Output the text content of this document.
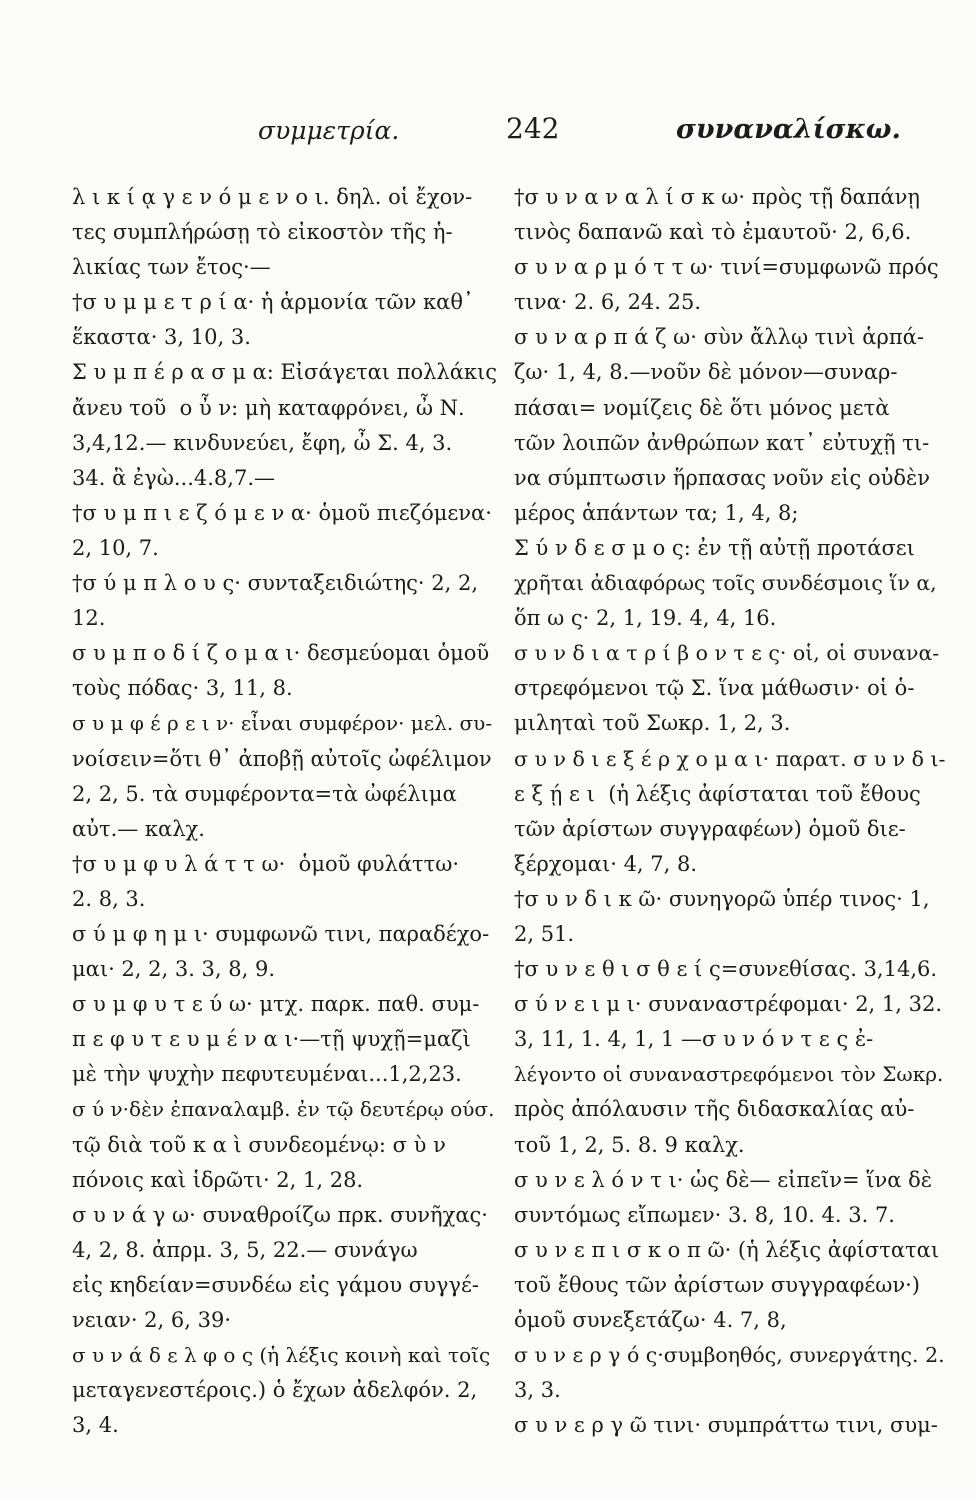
συμμετρία.	242	συναναλίσκω.
λ ι κ ί ᾳ γ ε ν ό μ ε ν ο ι. δηλ. οἱ ἔχον-
τες συμπλήρώσῃ τὸ εἰκοστὸν τῆς ἡ-
λικίας των ἔτος·—
†σ υ μ μ ε τ ρ ί α· ἡ ἁρμονία τῶν καθ᾽
ἕκαστα· 3, 10, 3.
Σ υ μ π έ ρ α σ μ α: Εἰσάγεται πολλάκις
ἄνευ τοῦ  ο ὖ ν: μὴ καταφρόνει, ὦ Ν.
3,4,12.— κινδυνεύει, ἔφη, ὦ Σ. 4, 3.
34. ἃ ἐγὼ...4.8,7.—
†σ υ μ π ι ε ζ ό μ ε ν α· ὁμοῦ πιεζόμενα·
2, 10, 7.
†σ ύ μ π λ ο υ ς· συνταξειδιώτης· 2, 2,
12.
σ υ μ π ο δ ί ζ ο μ α ι· δεσμεύομαι ὁμοῦ
τοὺς πόδας· 3, 11, 8.
σ υ μ φ έ ρ ε ι ν· εἶναι συμφέρον· μελ. συ-
νοίσειν=ὅτι θ᾽ ἀποβῇ αὐτοῖς ὠφέλιμον
2, 2, 5. τὰ συμφέροντα=τὰ ὠφέλιμα
αὐτ.— καλχ.
†σ υ μ φ υ λ ά τ τ ω·  ὁμοῦ φυλάττω·
2. 8, 3.
σ ύ μ φ η μ ι· συμφωνῶ τινι, παραδέχο-
μαι· 2, 2, 3. 3, 8, 9.
σ υ μ φ υ τ ε ύ ω· μτχ. παρκ. παθ. συμ-
π ε φ υ τ ε υ μ έ ν α ι·—τῇ ψυχῇ=μαζὶ
μὲ τὴν ψυχὴν πεφυτευμέναι...1,2,23.
σ ύ ν·δὲν ἐπαναλαμβ. ἐν τῷ δευτέρῳ ούσ.
τῷ διὰ τοῦ κ α ὶ συνδεομένῳ: σ ὺ ν
πόνοις καὶ ἱδρῶτι· 2, 1, 28.
σ υ ν ά γ ω· συναθροίζω πρκ. συνῆχας·
4, 2, 8. ἀπρμ. 3, 5, 22.— συνάγω
εἰς κηδείαν=συνδέω εἰς γάμου συγγέ-
νειαν· 2, 6, 39·
σ υ ν ά δ ε λ φ ο ς (ἡ λέξις κοινὴ καὶ τοῖς
μεταγενεστέροις.) ὁ ἔχων ἀδελφόν. 2,
3, 4.
†σ υ ν α ν α λ ί σ κ ω· πρὸς τῇ δαπάνῃ
τινὸς δαπανῶ καὶ τὸ ἐμαυτοῦ· 2, 6,6.
σ υ ν α ρ μ ό τ τ ω· τινί=συμφωνῶ πρός
τινα· 2. 6, 24. 25.
σ υ ν α ρ π ά ζ ω· σὺν ἄλλῳ τινὶ ἁρπά-
ζω· 1, 4, 8.—νοῦν δὲ μόνον—συναρ-
πάσαι= νομίζεις δὲ ὅτι μόνος μετὰ
τῶν λοιπῶν ἀνθρώπων κατ᾽ εὐτυχῇ τι-
να σύμπτωσιν ἥρπασας νοῦν εἰς οὐδὲν
μέρος ἁπάντων τα; 1, 4, 8;
Σ ύ ν δ ε σ μ ο ς: ἐν τῇ αὐτῇ προτάσει
χρῆται ἀδιαφόρως τοῖς συνδέσμοις ἵν α,
ὅπ ω ς· 2, 1, 19. 4, 4, 16.
σ υ ν δ ι α τ ρ ί β ο ν τ ε ς· οἱ, οἱ συνανα-
στρεφόμενοι τῷ Σ. ἵνα μάθωσιν· οἱ ὁ-
μιληταὶ τοῦ Σωκρ. 1, 2, 3.
σ υ ν δ ι ε ξ έ ρ χ ο μ α ι· παρατ. σ υ ν δ ι-
ε ξ ῄ ε ι  (ἡ λέξις ἀφίσταται τοῦ ἔθους
τῶν ἀρίστων συγγραφέων) ὁμοῦ διε-
ξέρχομαι· 4, 7, 8.
†σ υ ν δ ι κ ῶ· συνηγορῶ ὑπέρ τινος· 1,
2, 51.
†σ υ ν ε θ ι σ θ ε ί ς=συνεθίσας. 3,14,6.
σ ύ ν ε ι μ ι· συναναστρέφομαι· 2, 1, 32.
3, 11, 1. 4, 1, 1 —σ υ ν ό ν τ ε ς ἐ-
λέγοντο οἱ συναναστρεφόμενοι τὸν Σωκρ.
πρὸς ἀπόλαυσιν τῆς διδασκαλίας αὐ-
τοῦ 1, 2, 5. 8. 9 καλχ.
σ υ ν ε λ ό ν τ ι· ὡς δὲ— εἰπεῖν= ἵνα δὲ
συντόμως εἴπωμεν· 3. 8, 10. 4. 3. 7.
σ υ ν ε π ι σ κ ο π ῶ· (ἡ λέξις ἀφίσταται
τοῦ ἔθους τῶν ἀρίστων συγγραφέων·)
ὁμοῦ συνεξετάζω· 4. 7, 8,
σ υ ν ε ρ γ ό ς·συμβοηθός, συνεργάτης. 2.
3, 3.
σ υ ν ε ρ γ ῶ τινι· συμπράττω τινι, συμ-
